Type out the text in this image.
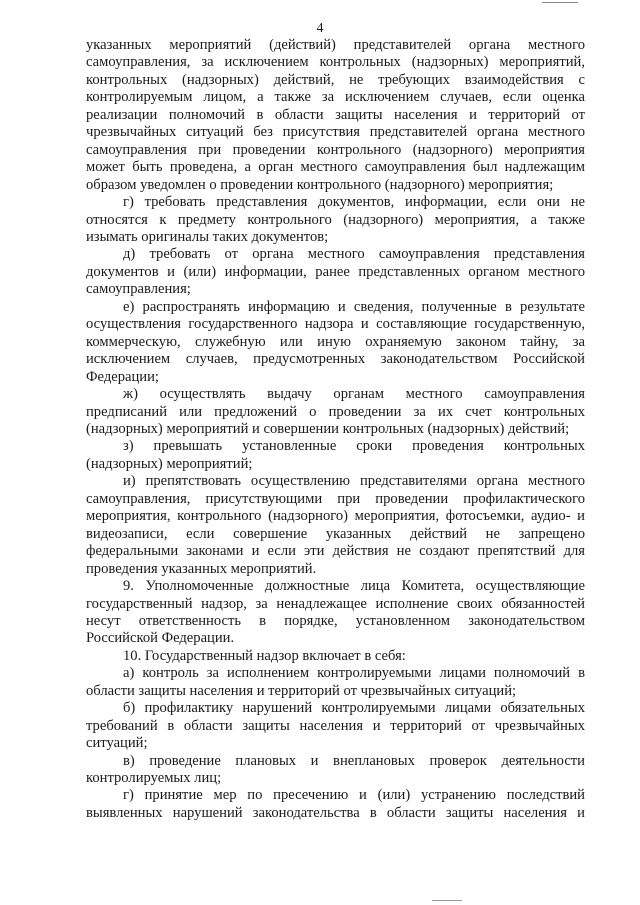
4
указанных мероприятий (действий) представителей органа местного
самоуправления, за исключением контрольных (надзорных) мероприятий,
контрольных (надзорных) действий, не требующих взаимодействия с
контролируемым лицом, а также за исключением случаев, если оценка
реализации полномочий в области защиты населения и территорий от
чрезвычайных ситуаций без присутствия представителей органа местного
самоуправления при проведении контрольного (надзорного) мероприятия
может быть проведена, а орган местного самоуправления был надлежащим
образом уведомлен о проведении контрольного (надзорного) мероприятия;
г) требовать представления документов, информации, если они не
относятся к предмету контрольного (надзорного) мероприятия, а также
изымать оригиналы таких документов;
д) требовать от органа местного самоуправления представления
документов и (или) информации, ранее представленных органом местного
самоуправления;
е) распространять информацию и сведения, полученные в результате
осуществления государственного надзора и составляющие государственную,
коммерческую, служебную или иную охраняемую законом тайну, за
исключением случаев, предусмотренных законодательством Российской
Федерации;
ж) осуществлять выдачу органам местного самоуправления
предписаний или предложений о проведении за их счет контрольных
(надзорных) мероприятий и совершении контрольных (надзорных) действий;
з) превышать установленные сроки проведения контрольных
(надзорных) мероприятий;
и) препятствовать осуществлению представителями органа местного
самоуправления, присутствующими при проведении профилактического
мероприятия, контрольного (надзорного) мероприятия, фотосъемки, аудио- и
видеозаписи, если совершение указанных действий не запрещено
федеральными законами и если эти действия не создают препятствий для
проведения указанных мероприятий.
9. Уполномоченные должностные лица Комитета, осуществляющие
государственный надзор, за ненадлежащее исполнение своих обязанностей
несут ответственность в порядке, установленном законодательством
Российской Федерации.
10. Государственный надзор включает в себя:
а) контроль за исполнением контролируемыми лицами полномочий в
области защиты населения и территорий от чрезвычайных ситуаций;
б) профилактику нарушений контролируемыми лицами обязательных
требований в области защиты населения и территорий от чрезвычайных
ситуаций;
в) проведение плановых и внеплановых проверок деятельности
контролируемых лиц;
г) принятие мер по пресечению и (или) устранению последствий
выявленных нарушений законодательства в области защиты населения и
